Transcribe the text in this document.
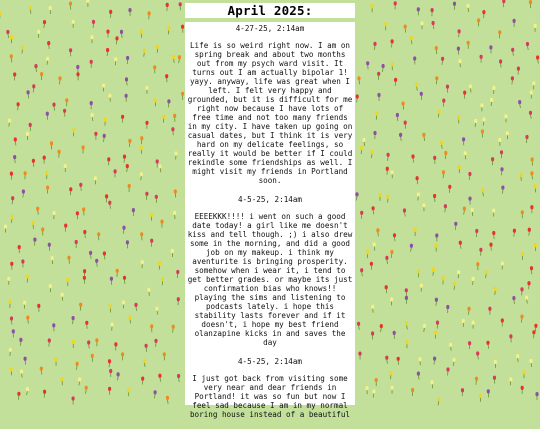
April 2025:
4-27-25, 2:14am
Life is so weird right now. I am on spring break and about two months out from my psych ward visit. It turns out I am actually bipolar 1! yayy. anyway, life was great when I left. I felt very happy and grounded, but it is difficult for me right now because I have lots of free time and not too many friends in my city. I have taken up going on casual dates, but I think it is very hard on my delicate feelings, so really it would be better if I could rekindle some friendships as well. I might visit my friends in Portland soon.
4-5-25, 2:14am
EEEEKKK!!!! i went on such a good date today! a girl like me doesn't kiss and tell though. ;) i also drew some in the morning, and did a good job on my makeup. i think my aventurite is bringing prosperity. somehow when i wear it, i tend to get better grades. or maybe its just confirmation bias who knows!! playing the sims and listening to podcasts lately. i hope this stability lasts forever and if it doesn't, i hope my best friend olanzapine kicks in and saves the day
4-5-25, 2:14am
I just got back from visiting some very near and dear friends in Portland! it was so fun but now I feel sad because I am in my normal boring house instead of a beautiful
